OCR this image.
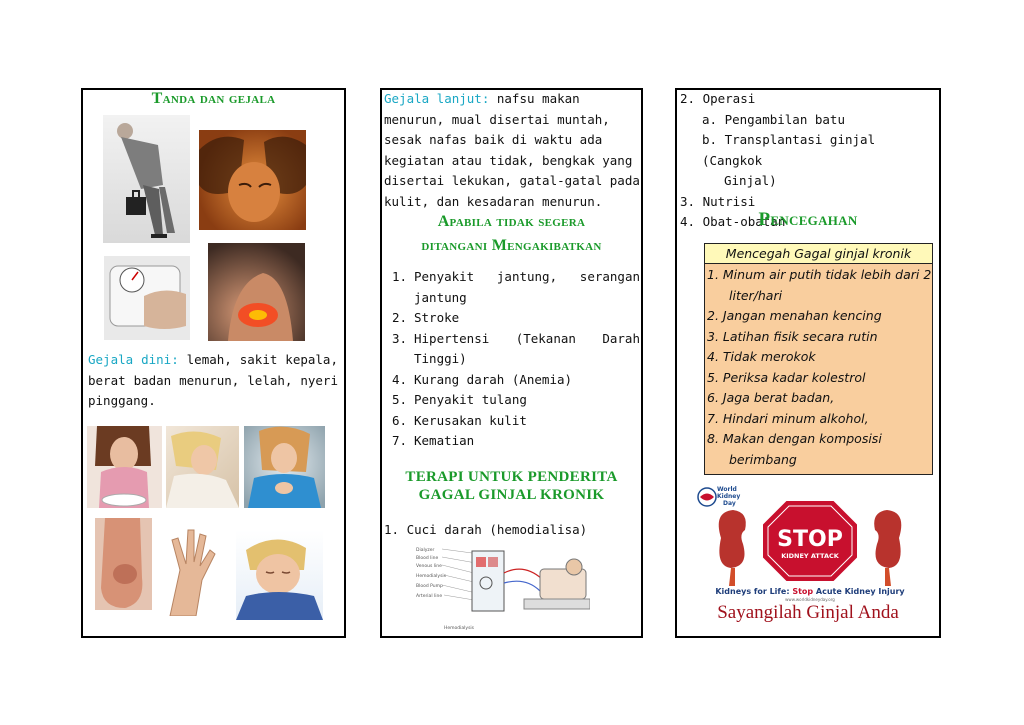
Tanda dan gejala
Gejala dini: lemah, sakit kepala, berat badan menurun, lelah, nyeri pinggang.
Gejala lanjut: nafsu makan menurun, mual disertai muntah, sesak nafas baik di waktu ada kegiatan atau tidak, bengkak yang disertai lekukan, gatal-gatal pada kulit, dan kesadaran menurun.
Apabila tidak segera
ditangani Mengakibatkan
1. Penyakit jantung, serangan jantung
2. Stroke
3. Hipertensi (Tekanan Darah Tinggi)
4. Kurang darah (Anemia)
5. Penyakit tulang
6. Kerusakan kulit
7. Kematian
TERAPI UNTUK PENDERITA
GAGAL GINJAL KRONIK
1. Cuci darah (hemodialisa)
Dialyzer
Blood line
Venous line
Hemodialysis
Blood Pump
Arterial line
Hemodialysis
2. Operasi
a. Pengambilan batu
b. Transplantasi ginjal (Cangkok
Ginjal)
3. Nutrisi
4. Obat-obatan
Pencegahan
Mencegah Gagal ginjal kronik
1. Minum air putih tidak lebih dari 2 liter/hari
2. Jangan menahan kencing
3. Latihan fisik secara rutin
4. Tidak merokok
5. Periksa kadar kolestrol
6. Jaga berat badan,
7. Hindari minum alkohol,
8. Makan dengan komposisi berimbang
World
Kidney
Day
STOP
KIDNEY ATTACK
Kidneys for Life: Stop Acute Kidney Injury
www.worldkidneyday.org
Sayangilah Ginjal Anda
